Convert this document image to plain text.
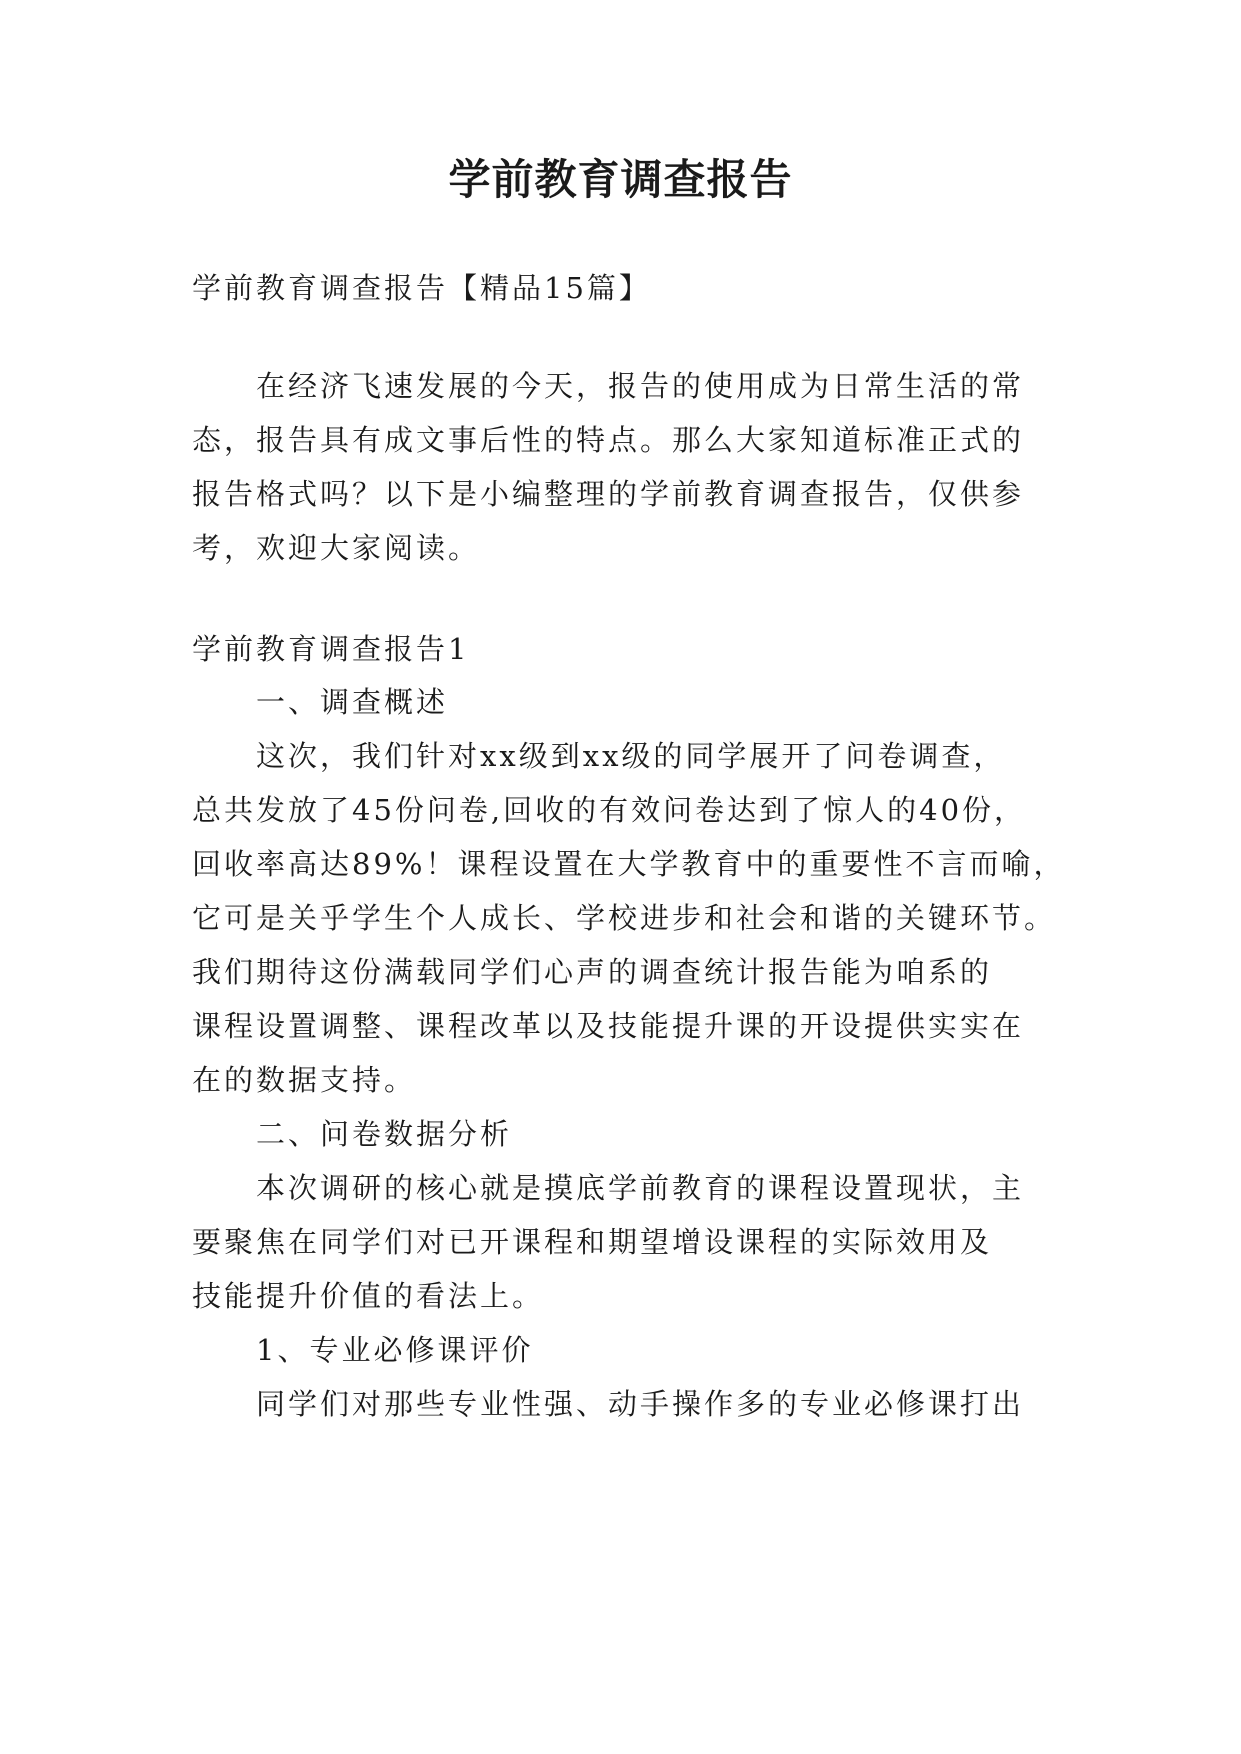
学前教育调查报告
学前教育调查报告【精品15篇】
在经济飞速发展的今天，报告的使用成为日常生活的常
态，报告具有成文事后性的特点。那么大家知道标准正式的
报告格式吗？以下是小编整理的学前教育调查报告，仅供参
考，欢迎大家阅读。
学前教育调查报告1
一、调查概述
这次，我们针对xx级到xx级的同学展开了问卷调查，
总共发放了45份问卷,回收的有效问卷达到了惊人的40份，
回收率高达89%！课程设置在大学教育中的重要性不言而喻，
它可是关乎学生个人成长、学校进步和社会和谐的关键环节。
我们期待这份满载同学们心声的调查统计报告能为咱系的
课程设置调整、课程改革以及技能提升课的开设提供实实在
在的数据支持。
二、问卷数据分析
本次调研的核心就是摸底学前教育的课程设置现状，主
要聚焦在同学们对已开课程和期望增设课程的实际效用及
技能提升价值的看法上。
1、专业必修课评价
同学们对那些专业性强、动手操作多的专业必修课打出
